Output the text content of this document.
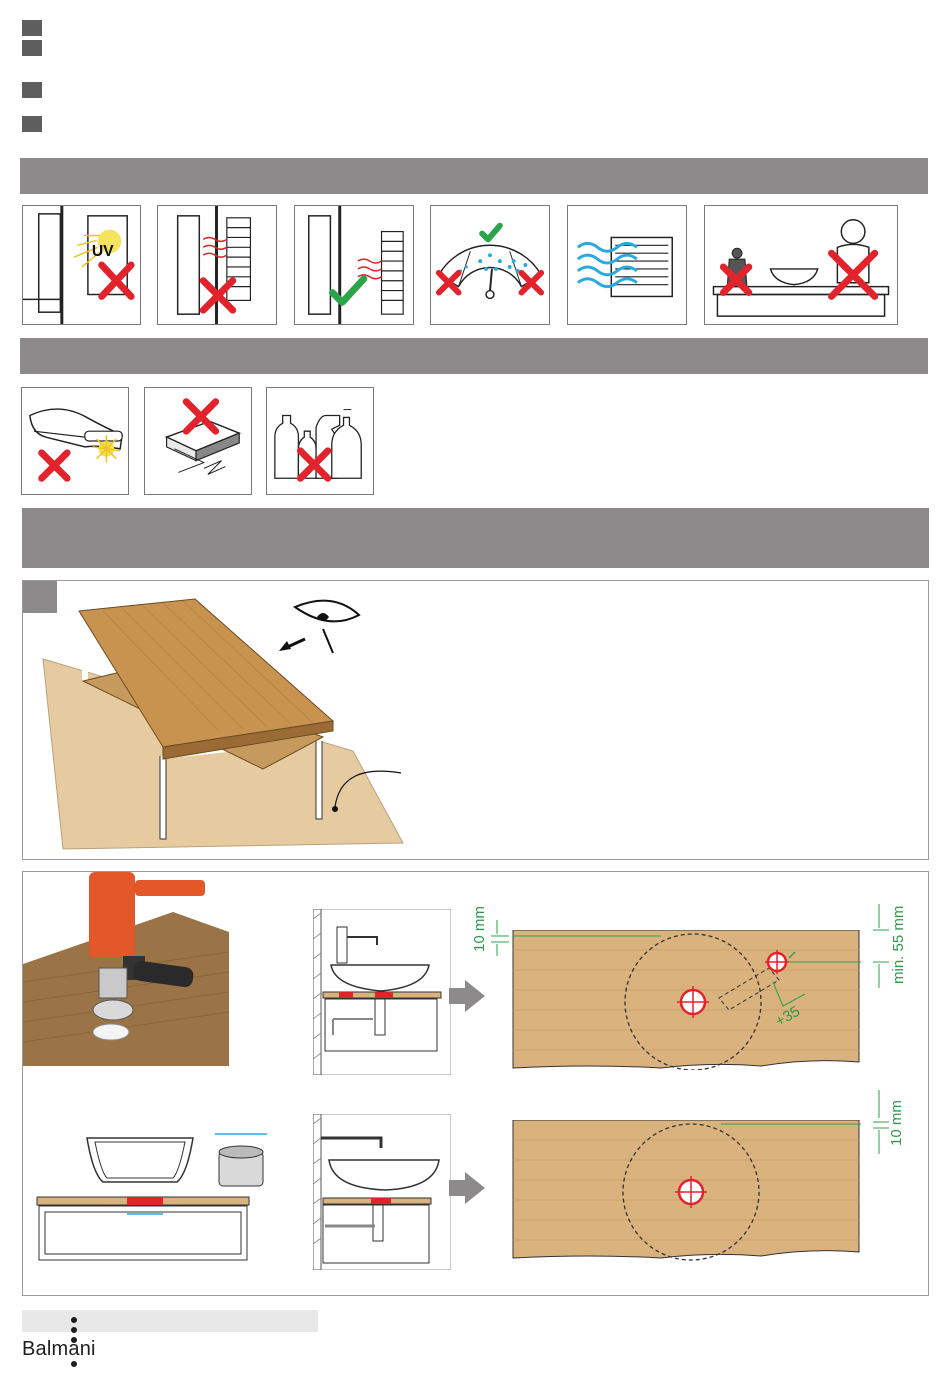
UV
10 mm	min. 55 mm
+35
10 mm
Balmani
